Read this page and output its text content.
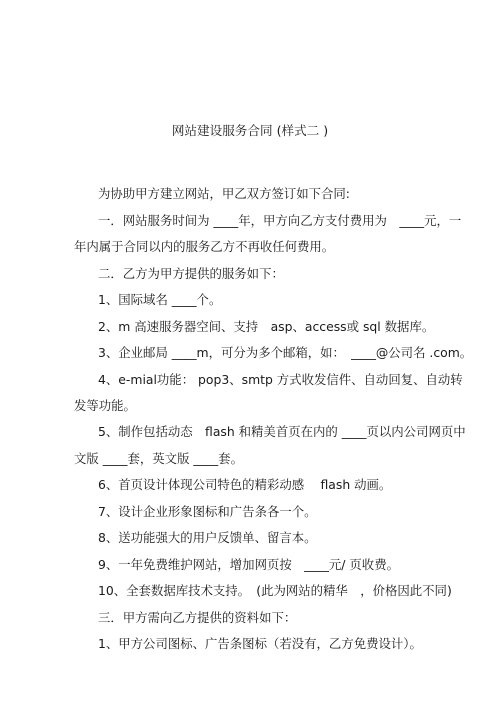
网站建设服务合同 (样式二 )
为协助甲方建立网站，甲乙双方签订如下合同:
一．网站服务时间为 ____年，甲方向乙方支付费用为　____元，一
年内属于合同以内的服务乙方不再收任何费用。
二．乙方为甲方提供的服务如下：
1、国际域名 ____个。
2、m 高速服务器空间、支持　asp、access或 sql 数据库。
3、企业邮局 ____m，可分为多个邮箱，如：　____@公司名 .com。
4、e-mial功能： pop3、smtp 方式收发信件、自动回复、自动转
发等功能。
5、制作包括动态　flash 和精美首页在内的 ____页以内公司网页中
文版 ____套，英文版 ____套。
6、首页设计体现公司特色的精彩动感　 flash 动画。
7、设计企业形象图标和广告条各一个。
8、送功能强大的用户反馈单、留言本。
9、一年免费维护网站，增加网页按　____元/ 页收费。
10、全套数据库技术支持。　(此为网站的精华　，价格因此不同)
三．甲方需向乙方提供的资料如下：
1、甲方公司图标、广告条图标（若没有，乙方免费设计）。
